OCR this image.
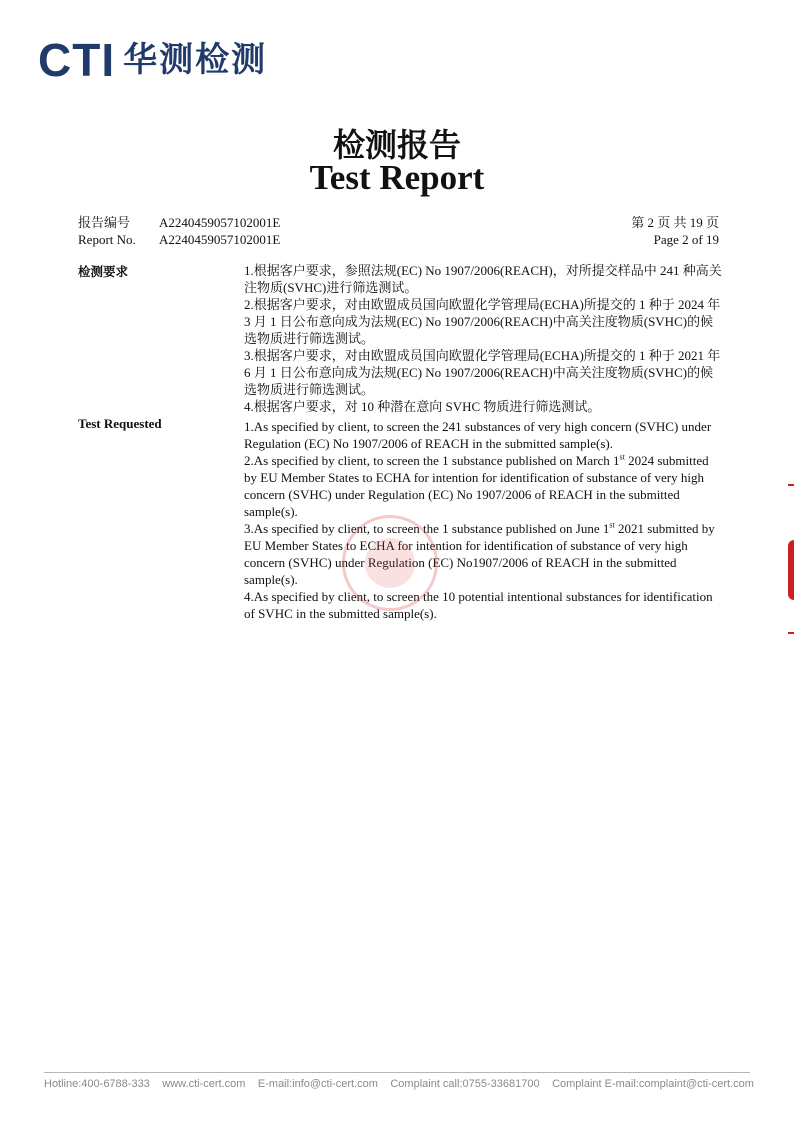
CTI 华测检测
检测报告
Test Report
报告编号 A2240459057102001E	第 2 页 共 19 页
Report No. A2240459057102001E	Page 2 of 19
检测要求	1.根据客户要求，参照法规(EC) No 1907/2006(REACH)，对所提交样品中 241 种高关注物质(SVHC)进行筛选测试。

2.根据客户要求，对由欧盟成员国向欧盟化学管理局(ECHA)所提交的 1 种于 2024 年 3 月 1 日公布意向成为法规(EC) No 1907/2006(REACH)中高关注度物质(SVHC)的候选物质进行筛选测试。

3.根据客户要求，对由欧盟成员国向欧盟化学管理局(ECHA)所提交的 1 种于 2021 年 6 月 1 日公布意向成为法规(EC) No 1907/2006(REACH)中高关注度物质(SVHC)的候选物质进行筛选测试。

4.根据客户要求，对 10 种潜在意向 SVHC 物质进行筛选测试。

Test Requested	1.As specified by client, to screen the 241 substances of very high concern (SVHC) under Regulation (EC) No 1907/2006 of REACH in the submitted sample(s).

2.As specified by client, to screen the 1 substance published on March 1st 2024 submitted by EU Member States to ECHA for intention for identification of substance of very high concern (SVHC) under Regulation (EC) No 1907/2006 of REACH in the submitted sample(s).

3.As specified by client, to screen the 1 substance published on June 1st 2021 submitted by EU Member States to ECHA for intention for identification of substance of very high concern (SVHC) under Regulation (EC) No1907/2006 of REACH in the submitted sample(s).

4.As specified by client, to screen the 10 potential intentional substances for identification of SVHC in the submitted sample(s).

Hotline:400-6788-333 www.cti-cert.com E-mail:info@cti-cert.com Complaint call:0755-33681700 Complaint E-mail:complaint@cti-cert.com
